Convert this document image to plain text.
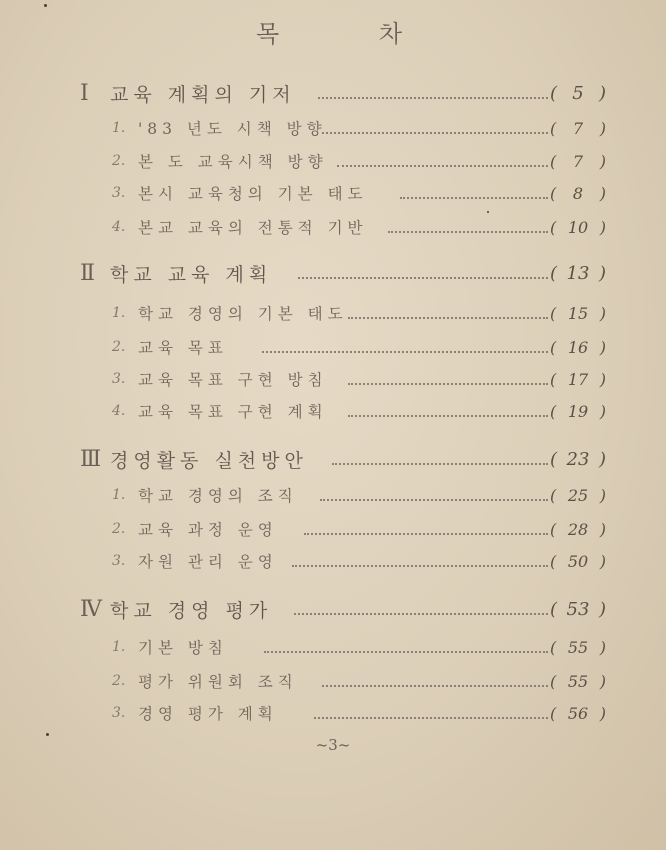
목 차
Ⅰ 교육 계획의 기저	( 5 )
1. '83 년도 시책 방향	( 7 )
2. 본 도 교육시책 방향	( 7 )
3. 본시 교육청의 기본 태도	( 8 )
4. 본교 교육의 전통적 기반	( 10 )
Ⅱ 학교 교육 계획	( 13 )
1. 학교 경영의 기본 태도	( 15 )
2. 교육 목표	( 16 )
3. 교육 목표 구현 방침	( 17 )
4. 교육 목표 구현 계획	( 19 )
Ⅲ 경영활동 실천방안	( 23 )
1. 학교 경영의 조직	( 25 )
2. 교육 과정 운영	( 28 )
3. 자원 관리 운영	( 50 )
Ⅳ 학교 경영 평가	( 53 )
1. 기본 방침	( 55 )
2. 평가 위원회 조직	( 55 )
3. 경영 평가 계획	( 56 )
~3~
